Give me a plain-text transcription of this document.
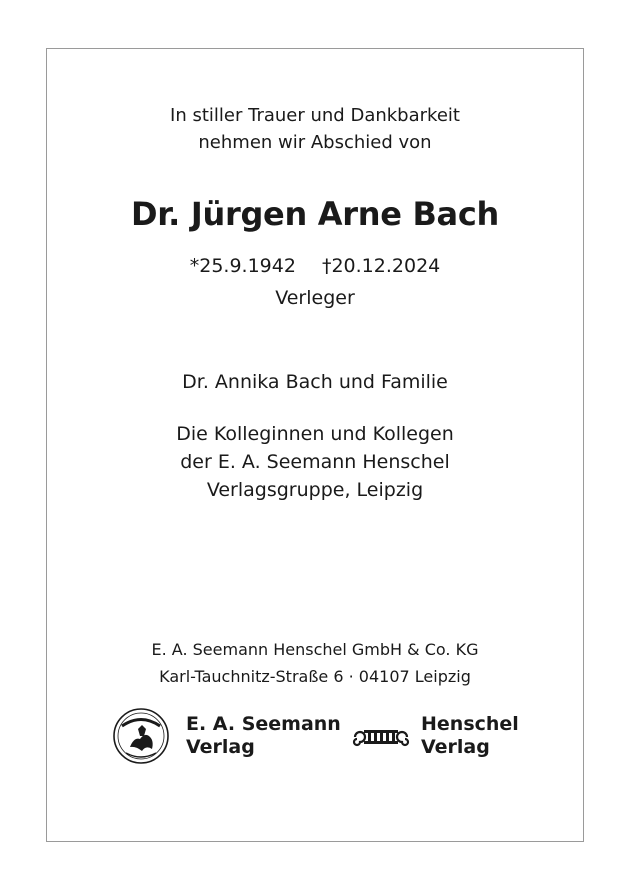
In stiller Trauer und Dankbarkeit
nehmen wir Abschied von
Dr. Jürgen Arne Bach
*25.9.1942 †20.12.2024
Verleger
Dr. Annika Bach und Familie
Die Kolleginnen und Kollegen
der E. A. Seemann Henschel
Verlagsgruppe, Leipzig
E. A. Seemann Henschel GmbH & Co. KG
Karl-Tauchnitz-Straße 6 · 04107 Leipzig
E. A. Seemann
Verlag
Henschel
Verlag
